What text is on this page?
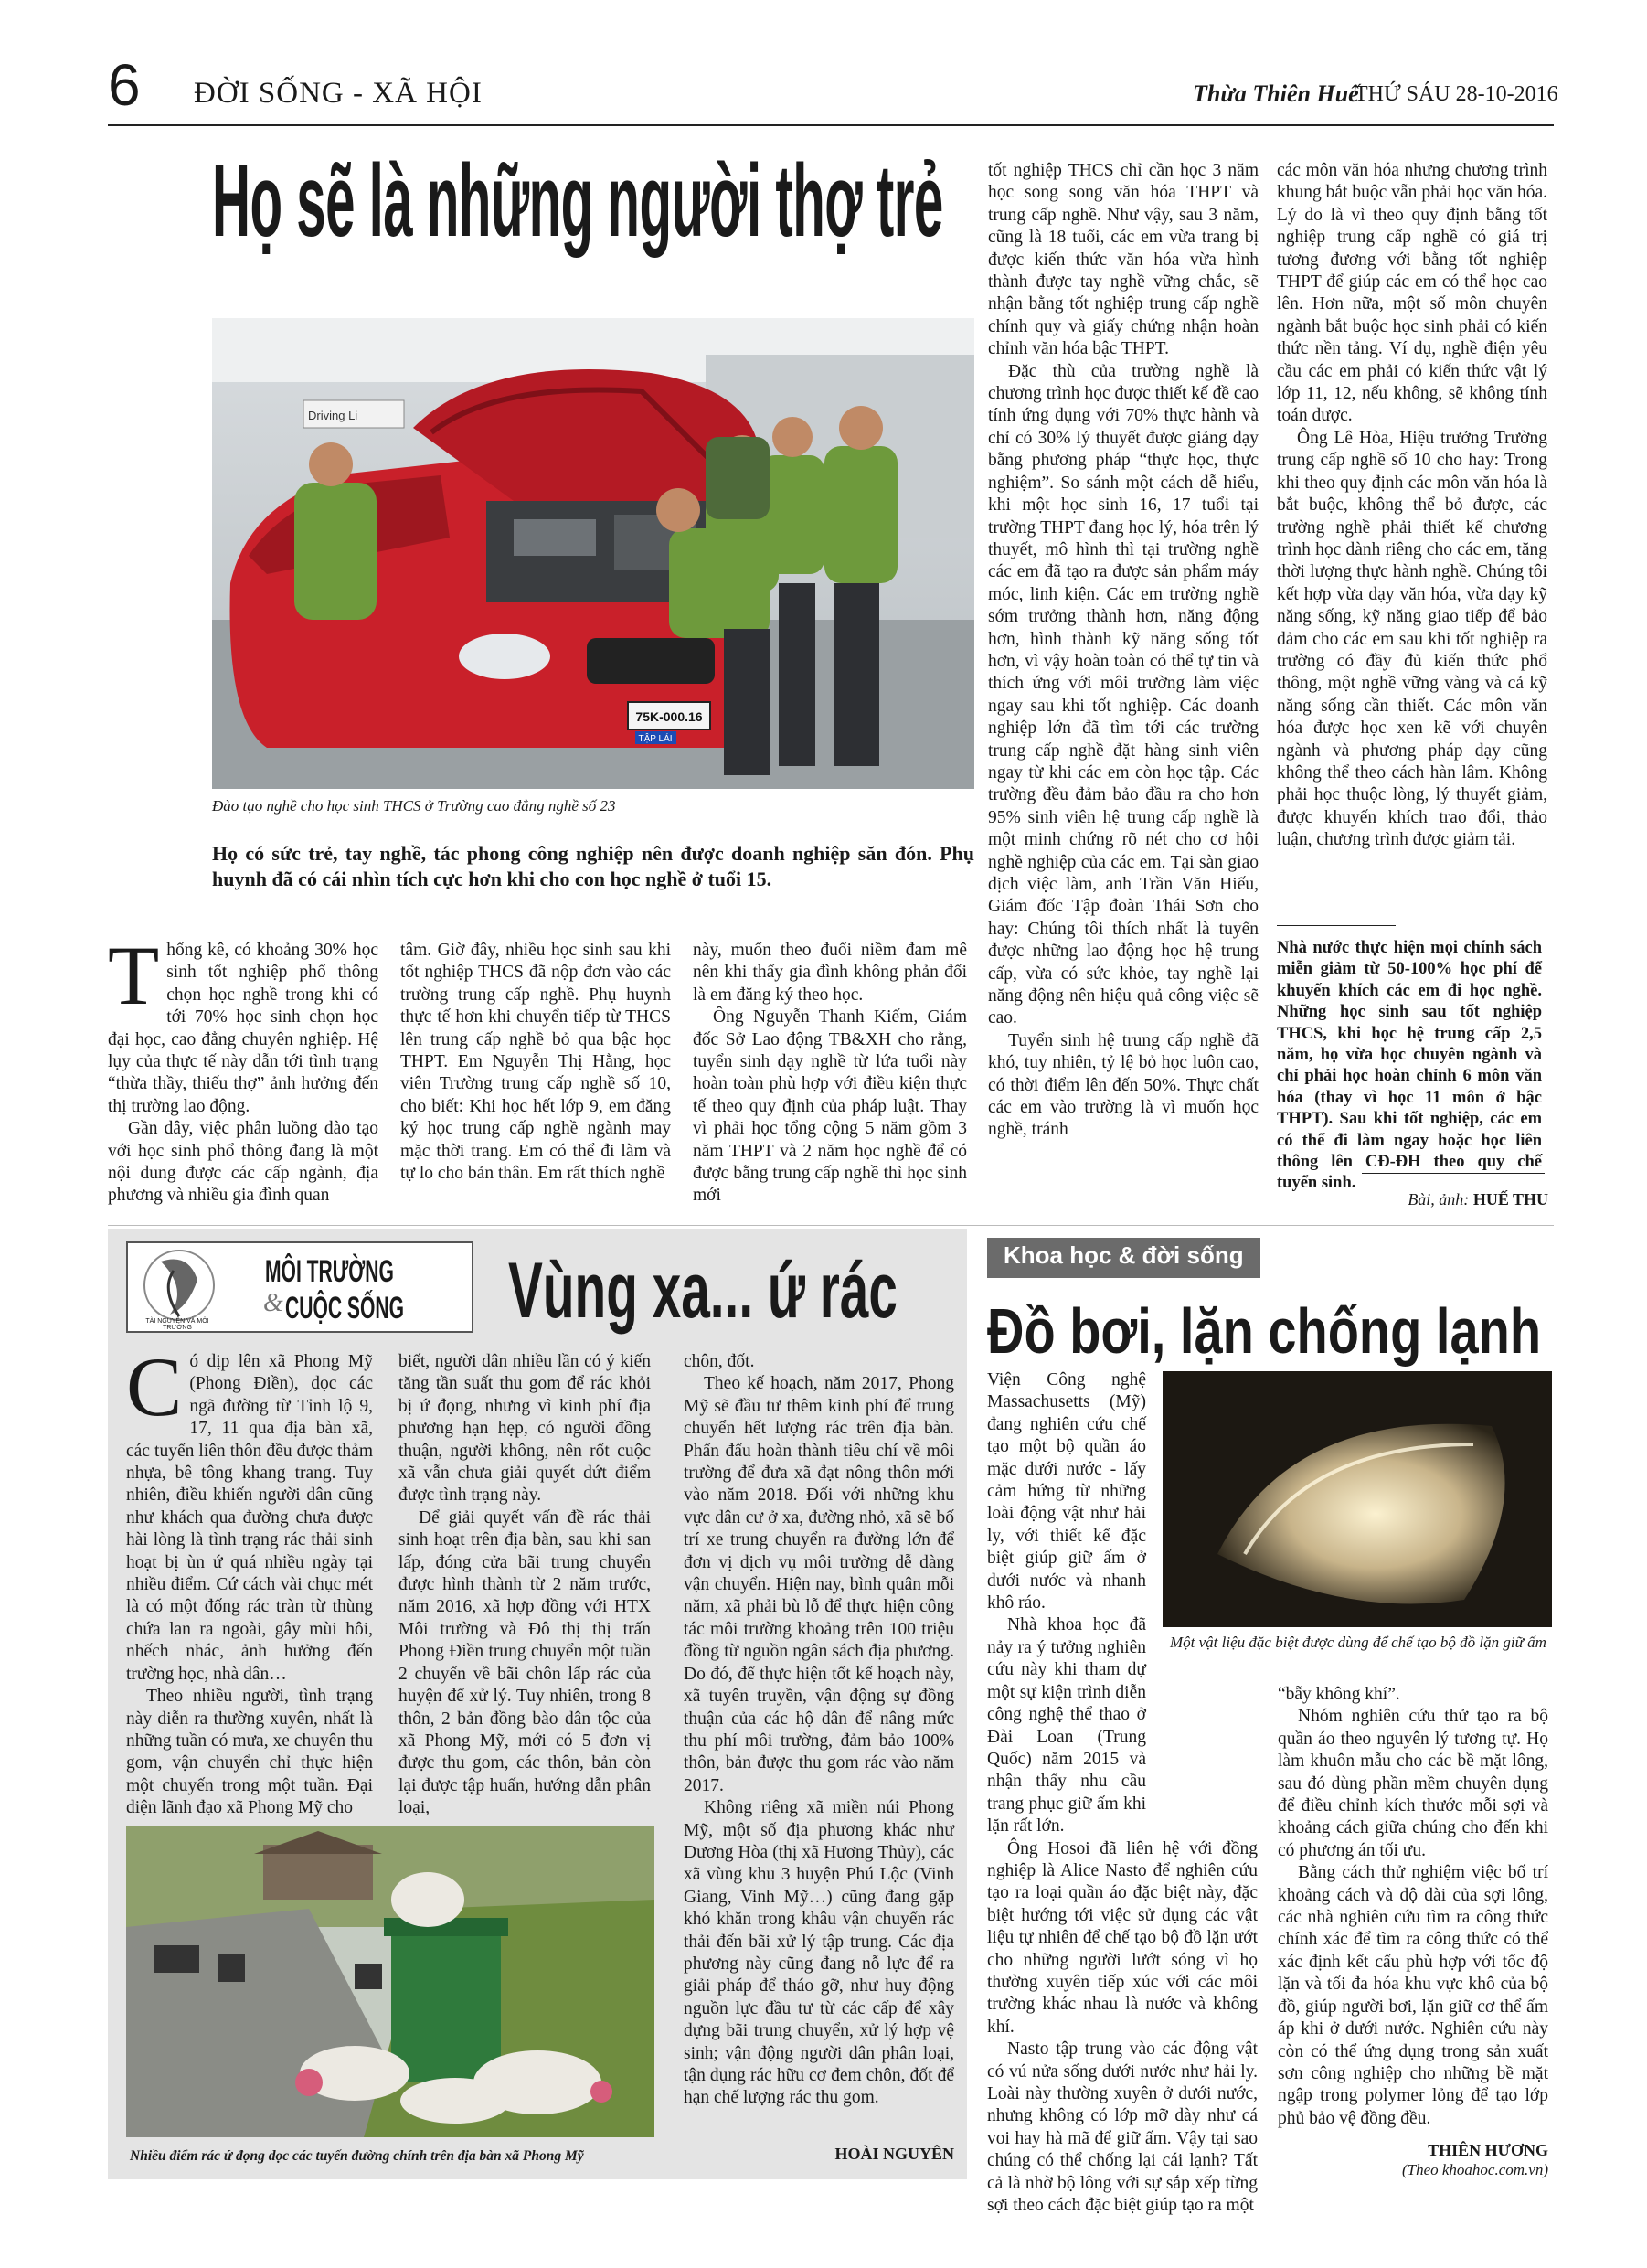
6 ĐỜI SỐNG - XÃ HỘI	Thừa Thiên Huế
THỨ SÁU 28-10-2016
Họ sẽ là những người thợ trẻ
75K-000.16
TẬP LÁI
Driving Li
Đào tạo nghề cho học sinh THCS ở Trường cao đẳng nghề số 23
Họ có sức trẻ, tay nghề, tác phong công nghiệp nên được doanh nghiệp săn đón. Phụ huynh đã có cái nhìn tích cực hơn khi cho con học nghề ở tuổi 15.

Thống kê, có khoảng 30% học sinh tốt nghiệp phổ thông chọn học nghề trong khi có tới 70% học sinh chọn học đại học, cao đẳng chuyên nghiệp. Hệ lụy của thực tế này dẫn tới tình trạng “thừa thầy, thiếu thợ” ảnh hưởng đến thị trường lao động.

Gần đây, việc phân luồng đào tạo với học sinh phổ thông đang là một nội dung được các cấp ngành, địa phương và nhiều gia đình quan

tâm. Giờ đây, nhiều học sinh sau khi tốt nghiệp THCS đã nộp đơn vào các trường trung cấp nghề. Phụ huynh thực tế hơn khi chuyển tiếp từ THCS lên trung cấp nghề bỏ qua bậc học THPT. Em Nguyễn Thị Hằng, học viên Trường trung cấp nghề số 10, cho biết: Khi học hết lớp 9, em đăng ký học trung cấp nghề ngành may mặc thời trang. Em có thể đi làm và tự lo cho bản thân. Em rất thích nghề

này, muốn theo đuổi niềm đam mê nên khi thấy gia đình không phản đối là em đăng ký theo học.

Ông Nguyễn Thanh Kiếm, Giám đốc Sở Lao động TB&XH cho rằng, tuyển sinh dạy nghề từ lứa tuổi này hoàn toàn phù hợp với điều kiện thực tế theo quy định của pháp luật. Thay vì phải học tổng cộng 5 năm gồm 3 năm THPT và 2 năm học nghề để có được bằng trung cấp nghề thì học sinh mới

tốt nghiệp THCS chỉ cần học 3 năm học song song văn hóa THPT và trung cấp nghề. Như vậy, sau 3 năm, cũng là 18 tuổi, các em vừa trang bị được kiến thức văn hóa vừa hình thành được tay nghề vững chắc, sẽ nhận bằng tốt nghiệp trung cấp nghề chính quy và giấy chứng nhận hoàn chỉnh văn hóa bậc THPT.

Đặc thù của trường nghề là chương trình học được thiết kế đề cao tính ứng dụng với 70% thực hành và chỉ có 30% lý thuyết được giảng dạy bằng phương pháp “thực học, thực nghiệm”. So sánh một cách dễ hiểu, khi một học sinh 16, 17 tuổi tại trường THPT đang học lý, hóa trên lý thuyết, mô hình thì tại trường nghề các em đã tạo ra được sản phẩm máy móc, linh kiện. Các em trường nghề sớm trưởng thành hơn, năng động hơn, hình thành kỹ năng sống tốt hơn, vì vậy hoàn toàn có thể tự tin và thích ứng với môi trường làm việc ngay sau khi tốt nghiệp. Các doanh nghiệp lớn đã tìm tới các trường trung cấp nghề đặt hàng sinh viên ngay từ khi các em còn học tập. Các trường đều đảm bảo đầu ra cho hơn 95% sinh viên hệ trung cấp nghề là một minh chứng rõ nét cho cơ hội nghề nghiệp của các em. Tại sàn giao dịch việc làm, anh Trần Văn Hiếu, Giám đốc Tập đoàn Thái Sơn cho hay: Chúng tôi thích nhất là tuyển được những lao động học hệ trung cấp, vừa có sức khỏe, tay nghề lại năng động nên hiệu quả công việc sẽ cao.

Tuyển sinh hệ trung cấp nghề đã khó, tuy nhiên, tỷ lệ bỏ học luôn cao, có thời điểm lên đến 50%. Thực chất các em vào trường là vì muốn học nghề, tránh

các môn văn hóa nhưng chương trình khung bắt buộc vẫn phải học văn hóa. Lý do là vì theo quy định bằng tốt nghiệp trung cấp nghề có giá trị tương đương với bằng tốt nghiệp THPT để giúp các em có thể học cao lên. Hơn nữa, một số môn chuyên ngành bắt buộc học sinh phải có kiến thức nền tảng. Ví dụ, nghề điện yêu cầu các em phải có kiến thức vật lý lớp 11, 12, nếu không, sẽ không tính toán được.

Ông Lê Hòa, Hiệu trưởng Trường trung cấp nghề số 10 cho hay: Trong khi theo quy định các môn văn hóa là bắt buộc, không thể bỏ được, các trường nghề phải thiết kế chương trình học dành riêng cho các em, tăng thời lượng thực hành nghề. Chúng tôi kết hợp vừa dạy văn hóa, vừa dạy kỹ năng sống, kỹ năng giao tiếp để bảo đảm cho các em sau khi tốt nghiệp ra trường có đầy đủ kiến thức phổ thông, một nghề vững vàng và cả kỹ năng sống cần thiết. Các môn văn hóa được học xen kẽ với chuyên ngành và phương pháp dạy cũng không thể theo cách hàn lâm. Không phải học thuộc lòng, lý thuyết giảm, được khuyến khích trao đổi, thảo luận, chương trình được giảm tải.

Nhà nước thực hiện mọi chính sách miễn giảm từ 50-100% học phí để khuyến khích các em đi học nghề. Những học sinh sau tốt nghiệp THCS, khi học hệ trung cấp 2,5 năm, họ vừa học chuyên ngành và chỉ phải học hoàn chỉnh 6 môn văn hóa (thay vì học 11 môn ở bậc THPT). Sau khi tốt nghiệp, các em có thể đi làm ngay hoặc học liên thông lên CĐ-ĐH theo quy chế tuyển sinh.
Bài, ảnh: HUẾ THU
TÀI NGUYÊN VÀ MÔI TRƯỜNG
MÔI TRƯỜNG
& CUỘC SỐNG Vùng xa... ứ rác

Có dịp lên xã Phong Mỹ (Phong Điền), dọc các ngã đường từ Tỉnh lộ 9, 17, 11 qua địa bàn xã, các tuyến liên thôn đều được thảm nhựa, bê tông khang trang. Tuy nhiên, điều khiến người dân cũng như khách qua đường chưa được hài lòng là tình trạng rác thải sinh hoạt bị ùn ứ quá nhiều ngày tại nhiều điểm. Cứ cách vài chục mét là có một đống rác tràn từ thùng chứa lan ra ngoài, gây mùi hôi, nhếch nhác, ảnh hưởng đến trường học, nhà dân…

Theo nhiều người, tình trạng này diễn ra thường xuyên, nhất là những tuần có mưa, xe chuyên thu gom, vận chuyển chỉ thực hiện một chuyến trong một tuần. Đại diện lãnh đạo xã Phong Mỹ cho

biết, người dân nhiều lần có ý kiến tăng tần suất thu gom để rác khỏi bị ứ đọng, nhưng vì kinh phí địa phương hạn hẹp, có người đồng thuận, người không, nên rốt cuộc xã vẫn chưa giải quyết dứt điểm được tình trạng này.

Để giải quyết vấn đề rác thải sinh hoạt trên địa bàn, sau khi san lấp, đóng cửa bãi trung chuyển được hình thành từ 2 năm trước, năm 2016, xã hợp đồng với HTX Môi trường và Đô thị thị trấn Phong Điền trung chuyển một tuần 2 chuyến về bãi chôn lấp rác của huyện để xử lý. Tuy nhiên, trong 8 thôn, 2 bản đồng bào dân tộc của xã Phong Mỹ, mới có 5 đơn vị được thu gom, các thôn, bản còn lại được tập huấn, hướng dẫn phân loại,

chôn, đốt.

Theo kế hoạch, năm 2017, Phong Mỹ sẽ đầu tư thêm kinh phí để trung chuyển hết lượng rác trên địa bàn. Phấn đấu hoàn thành tiêu chí về môi trường để đưa xã đạt nông thôn mới vào năm 2018. Đối với những khu vực dân cư ở xa, đường nhỏ, xã sẽ bố trí xe trung chuyển ra đường lớn để đơn vị dịch vụ môi trường dễ dàng vận chuyển. Hiện nay, bình quân mỗi năm, xã phải bù lỗ để thực hiện công tác môi trường khoảng trên 100 triệu đồng từ nguồn ngân sách địa phương. Do đó, để thực hiện tốt kế hoạch này, xã tuyên truyền, vận động sự đồng thuận của các hộ dân để nâng mức thu phí môi trường, đảm bảo 100% thôn, bản được thu gom rác vào năm 2017.

Không riêng xã miền núi Phong Mỹ, một số địa phương khác như Dương Hòa (thị xã Hương Thủy), các xã vùng khu 3 huyện Phú Lộc (Vinh Giang, Vinh Mỹ…) cũng đang gặp khó khăn trong khâu vận chuyển rác thải đến bãi xử lý tập trung. Các địa phương này cũng đang nỗ lực để ra giải pháp để tháo gỡ, như huy động nguồn lực đầu tư từ các cấp để xây dựng bãi trung chuyển, xử lý hợp vệ sinh; vận động người dân phân loại, tận dụng rác hữu cơ đem chôn, đốt để hạn chế lượng rác thu gom.

HOÀI NGUYÊN
Nhiều điểm rác ứ đọng dọc các tuyến đường chính trên địa bàn xã Phong Mỹ
Khoa học & đời sống
Đồ bơi, lặn chống lạnh

Viện Công nghệ Massachusetts (Mỹ) đang nghiên cứu chế tạo một bộ quần áo mặc dưới nước - lấy cảm hứng từ những loài động vật như hải ly, với thiết kế đặc biệt giúp giữ ấm ở dưới nước và nhanh khô ráo.

Nhà khoa học đã nảy ra ý tưởng nghiên cứu này khi tham dự một sự kiện trình diễn công nghệ thể thao ở Đài Loan (Trung Quốc) năm 2015 và nhận thấy nhu cầu trang phục giữ ấm khi lặn rất lớn.

Ông Hosoi đã liên hệ với đồng nghiệp là Alice Nasto để nghiên cứu tạo ra loại quần áo đặc biệt này, đặc biệt hướng tới việc sử dụng các vật liệu tự nhiên để chế tạo bộ đồ lặn ướt cho những người lướt sóng vì họ thường xuyên tiếp xúc với các môi trường khác nhau là nước và không khí.

Nasto tập trung vào các động vật có vú nửa sống dưới nước như hải ly. Loài này thường xuyên ở dưới nước, nhưng không có lớp mỡ dày như cá voi hay hà mã để giữ ấm. Vậy tại sao chúng có thể chống lại cái lạnh? Tất cả là nhờ bộ lông với sự sắp xếp từng sợi theo cách đặc biệt giúp tạo ra một

Một vật liệu đặc biệt được dùng để chế tạo bộ đồ lặn giữ ấm

“bẫy không khí”.

Nhóm nghiên cứu thử tạo ra bộ quần áo theo nguyên lý tương tự. Họ làm khuôn mẫu cho các bề mặt lông, sau đó dùng phần mềm chuyên dụng để điều chỉnh kích thước mỗi sợi và khoảng cách giữa chúng cho đến khi có phương án tối ưu.

Bằng cách thử nghiệm việc bố trí khoảng cách và độ dài của sợi lông, các nhà nghiên cứu tìm ra công thức chính xác để tìm ra công thức có thể xác định kết cấu phù hợp với tốc độ lặn và tối đa hóa khu vực khô của bộ đồ, giúp người bơi, lặn giữ cơ thể ấm áp khi ở dưới nước. Nghiên cứu này còn có thể ứng dụng trong sản xuất sơn công nghiệp cho những bề mặt ngập trong polymer lỏng để tạo lớp phủ bảo vệ đồng đều.

THIÊN HƯƠNG
(Theo khoahoc.com.vn)
